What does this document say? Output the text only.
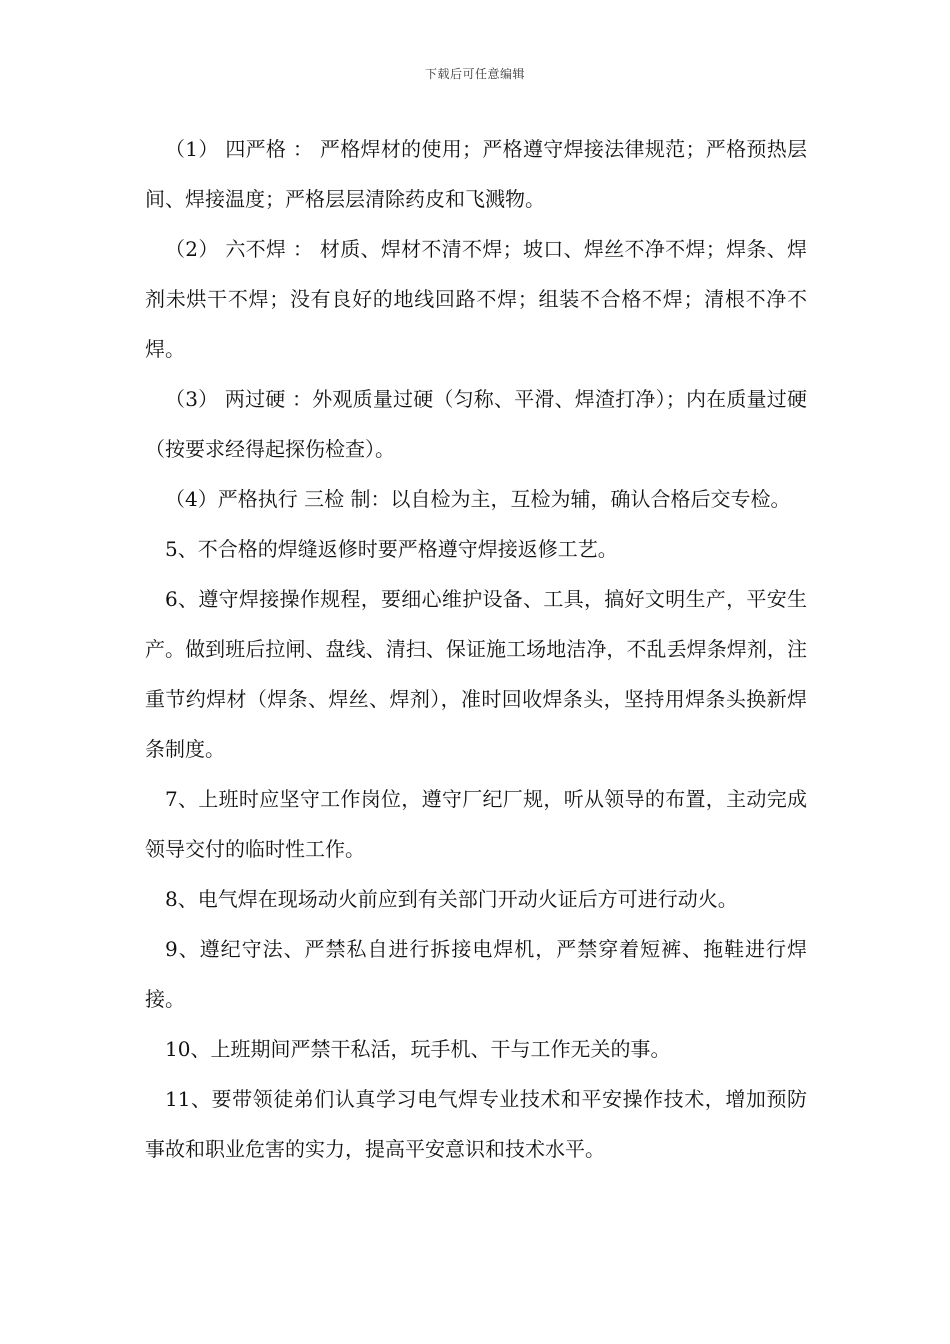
下载后可任意编辑

（1） 四严格 ： 严格焊材的使用；严格遵守焊接法律规范；严格预热层间、焊接温度；严格层层清除药皮和飞溅物。

（2） 六不焊 ： 材质、焊材不清不焊；坡口、焊丝不净不焊；焊条、焊剂未烘干不焊；没有良好的地线回路不焊；组装不合格不焊；清根不净不焊。

（3） 两过硬 ：外观质量过硬（匀称、平滑、焊渣打净）；内在质量过硬（按要求经得起探伤检查）。

（4）严格执行 三检 制：以自检为主，互检为辅，确认合格后交专检。

5、不合格的焊缝返修时要严格遵守焊接返修工艺。

6、遵守焊接操作规程，要细心维护设备、工具，搞好文明生产，平安生产。做到班后拉闸、盘线、清扫、保证施工场地洁净，不乱丢焊条焊剂，注重节约焊材（焊条、焊丝、焊剂），准时回收焊条头，坚持用焊条头换新焊条制度。

7、上班时应坚守工作岗位，遵守厂纪厂规，听从领导的布置，主动完成领导交付的临时性工作。

8、电气焊在现场动火前应到有关部门开动火证后方可进行动火。

9、遵纪守法、严禁私自进行拆接电焊机，严禁穿着短裤、拖鞋进行焊接。

10、上班期间严禁干私活，玩手机、干与工作无关的事。

11、要带领徒弟们认真学习电气焊专业技术和平安操作技术，增加预防事故和职业危害的实力，提高平安意识和技术水平。
